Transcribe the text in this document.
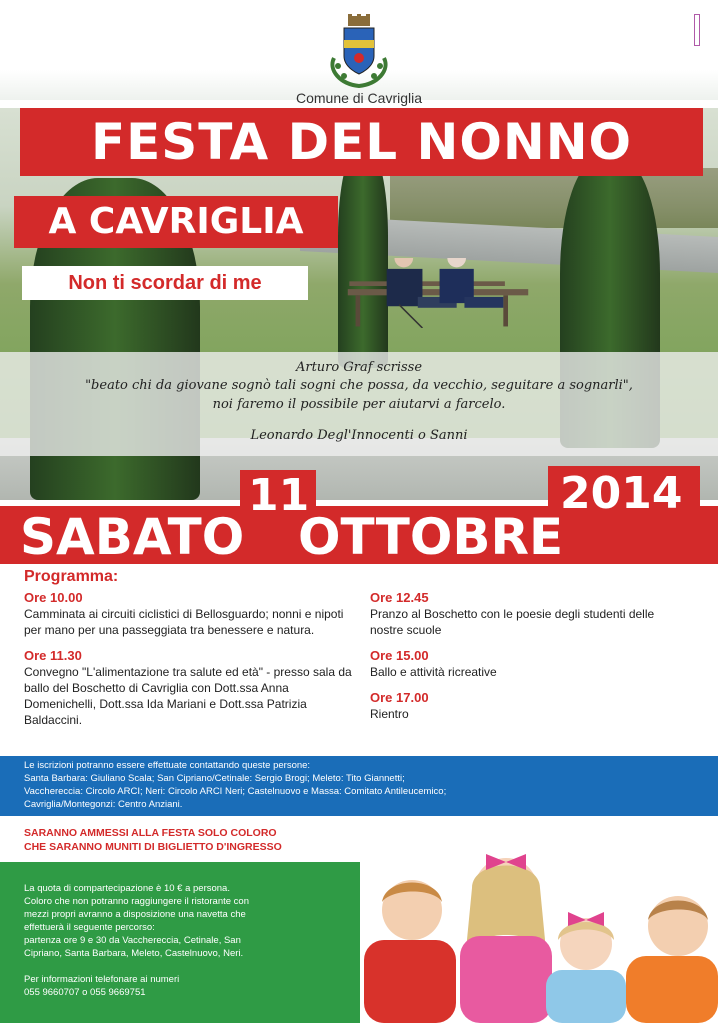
Comune di Cavriglia
FESTA DEL NONNO
A CAVRIGLIA
Non ti scordar di me
Arturo Graf scrisse
"beato chi da giovane sognò tali sogni che possa, da vecchio, seguitare a sognarli",
noi faremo il possibile per aiutarvi a farcelo.
Leonardo Degl'Innocenti o Sanni
SABATO
11
OTTOBRE
2014
Programma:
Ore 10.00
Camminata ai circuiti ciclistici di Bellosguardo; nonni e nipoti per mano per una passeggiata tra benessere e natura.
Ore 11.30
Convegno "L'alimentazione tra salute ed età" - presso sala da ballo del Boschetto di Cavriglia con Dott.ssa Anna Domenichelli, Dott.ssa Ida Mariani e Dott.ssa Patrizia Baldaccini.
Ore 12.45
Pranzo al Boschetto con le poesie degli studenti delle nostre scuole
Ore 15.00
Ballo e attività ricreative
Ore 17.00
Rientro
Le iscrizioni potranno essere effettuate contattando queste persone:
Santa Barbara: Giuliano Scala; San Cipriano/Cetinale: Sergio Brogi; Meleto: Tito Giannetti;
Vacchereccia: Circolo ARCI; Neri: Circolo ARCI Neri; Castelnuovo e Massa: Comitato Antileucemico;
Cavriglia/Montegonzi: Centro Anziani.
SARANNO AMMESSI ALLA FESTA SOLO COLORO
CHE SARANNO MUNITI DI BIGLIETTO D'INGRESSO
La quota di compartecipazione è 10 € a persona.
Coloro che non potranno raggiungere il ristorante con
mezzi propri avranno a disposizione una navetta che
effettuerà il seguente percorso:
partenza ore 9 e 30 da Vacchereccia, Cetinale, San
Cipriano, Santa Barbara, Meleto, Castelnuovo, Neri.
Per informazioni telefonare ai numeri
055 9660707 o 055 9669751
